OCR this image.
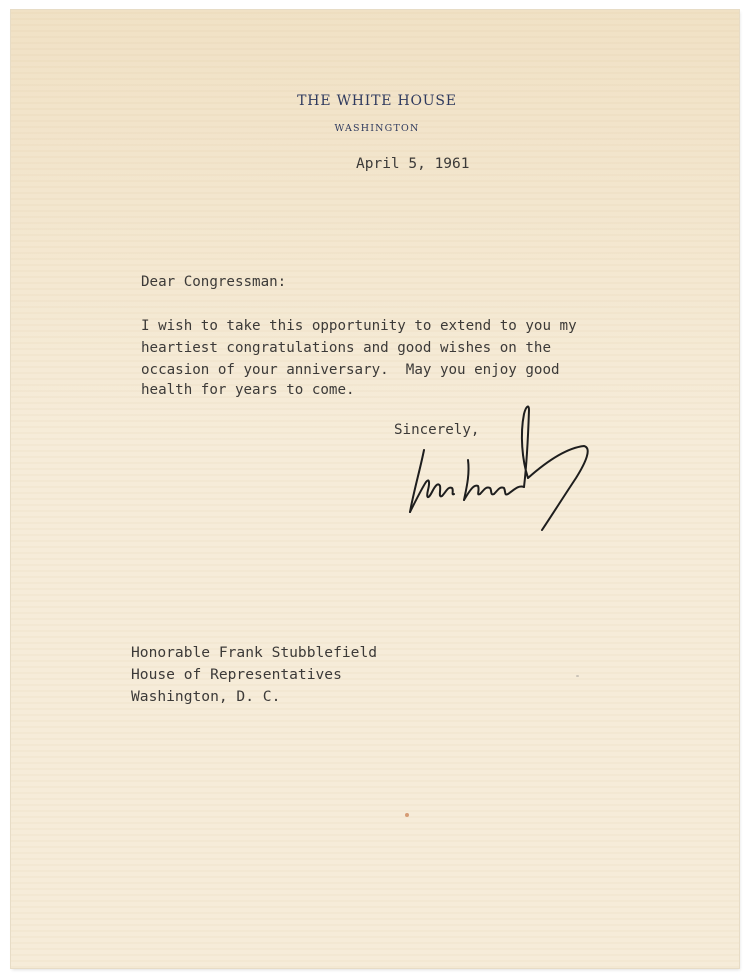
THE WHITE HOUSE
WASHINGTON
April 5, 1961
Dear Congressman:
I wish to take this opportunity to extend to you my
heartiest congratulations and good wishes on the
occasion of your anniversary.  May you enjoy good
health for years to come.
Sincerely,
Honorable Frank Stubblefield
House of Representatives
Washington, D. C.
